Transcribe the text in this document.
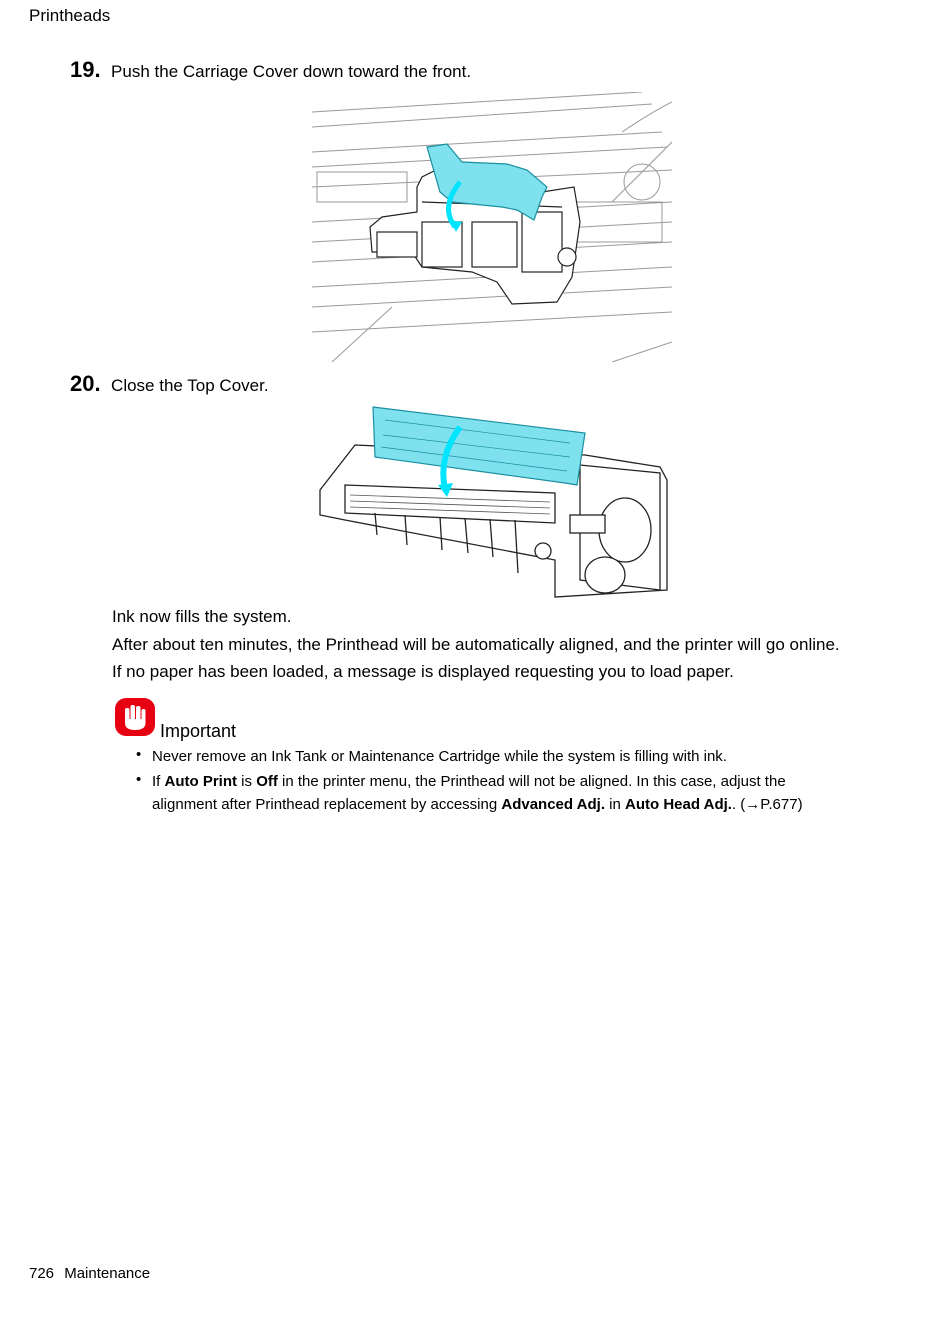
Printheads
19. Push the Carriage Cover down toward the front.
20. Close the Top Cover.
Ink now fills the system.
After about ten minutes, the Printhead will be automatically aligned, and the printer will go online.
If no paper has been loaded, a message is displayed requesting you to load paper.
Important
• Never remove an Ink Tank or Maintenance Cartridge while the system is filling with ink.
• If Auto Print is Off in the printer menu, the Printhead will not be aligned. In this case, adjust the
alignment after Printhead replacement by accessing Advanced Adj. in Auto Head Adj.. (→P.677)
726 Maintenance
